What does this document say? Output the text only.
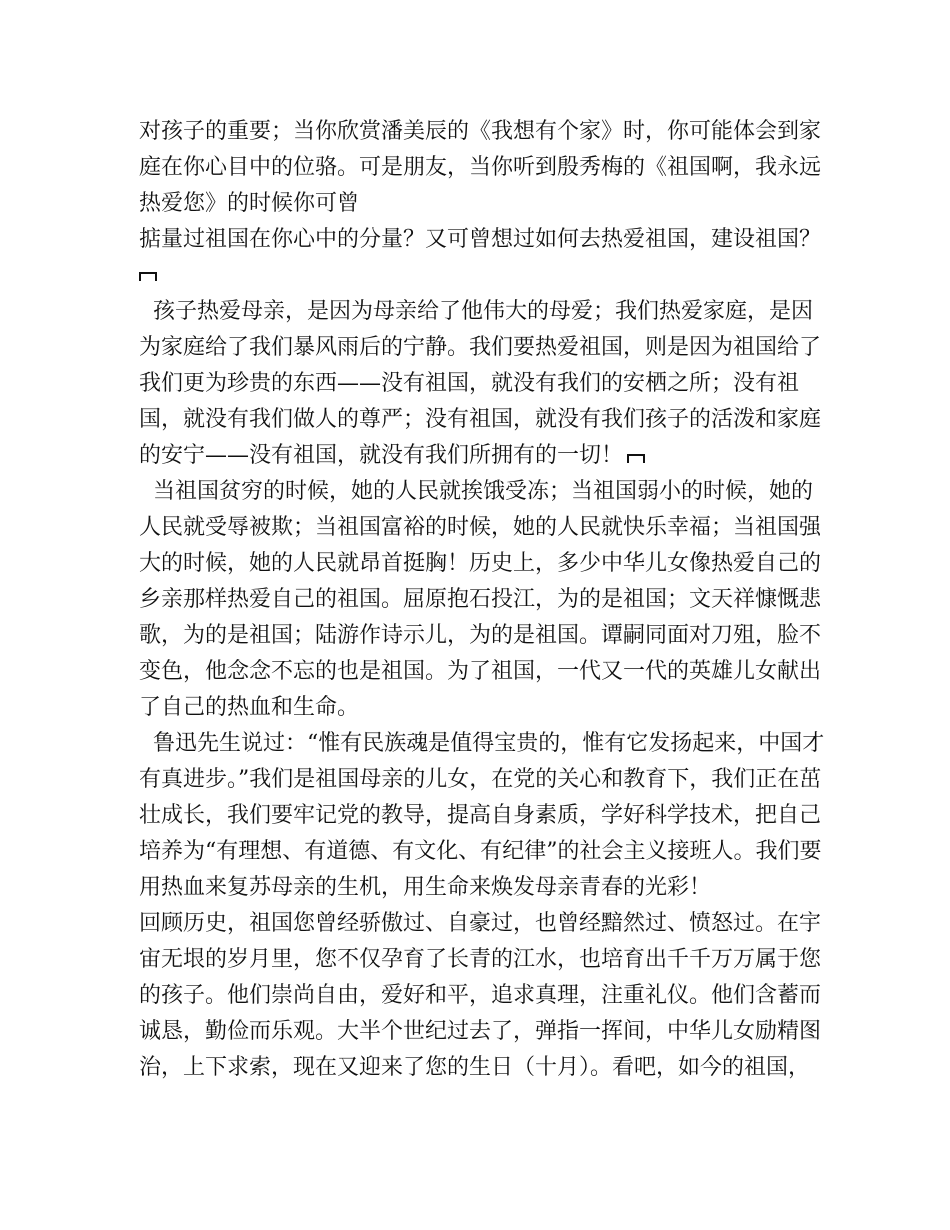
对孩子的重要；当你欣赏潘美辰的《我想有个家》时，你可能体会到家庭在你心目中的位骆。可是朋友，当你听到殷秀梅的《祖国啊，我永远热爱您》的时候你可曾

掂量过祖国在你心中的分量？又可曾想过如何去热爱祖国，建设祖国？

孩子热爱母亲，是因为母亲给了他伟大的母爱；我们热爱家庭，是因为家庭给了我们暴风雨后的宁静。我们要热爱祖国，则是因为祖国给了我们更为珍贵的东西——没有祖国，就没有我们的安栖之所；没有祖国，就没有我们做人的尊严；没有祖国，就没有我们孩子的活泼和家庭的安宁——没有祖国，就没有我们所拥有的一切！

当祖国贫穷的时候，她的人民就挨饿受冻；当祖国弱小的时候，她的人民就受辱被欺；当祖国富裕的时候，她的人民就快乐幸福；当祖国强大的时候，她的人民就昂首挺胸！历史上，多少中华儿女像热爱自己的乡亲那样热爱自己的祖国。屈原抱石投江，为的是祖国；文天祥慷慨悲歌，为的是祖国；陆游作诗示儿，为的是祖国。谭嗣同面对刀殂，脸不变色，他念念不忘的也是祖国。为了祖国，一代又一代的英雄儿女献出了自己的热血和生命。

鲁迅先生说过：“惟有民族魂是值得宝贵的，惟有它发扬起来，中国才有真进步。”我们是祖国母亲的儿女，在党的关心和教育下，我们正在茁壮成长，我们要牢记党的教导，提高自身素质，学好科学技术，把自己培养为“有理想、有道德、有文化、有纪律”的社会主义接班人。我们要用热血来复苏母亲的生机，用生命来焕发母亲青春的光彩！

回顾历史，祖国您曾经骄傲过、自豪过，也曾经黯然过、愤怒过。在宇宙无垠的岁月里，您不仅孕育了长青的江水，也培育出千千万万属于您的孩子。他们崇尚自由，爱好和平，追求真理，注重礼仪。他们含蓄而诚恳，勤俭而乐观。大半个世纪过去了，弹指一挥间，中华儿女励精图治，上下求索，现在又迎来了您的生日（十月）。看吧，如今的祖国，
